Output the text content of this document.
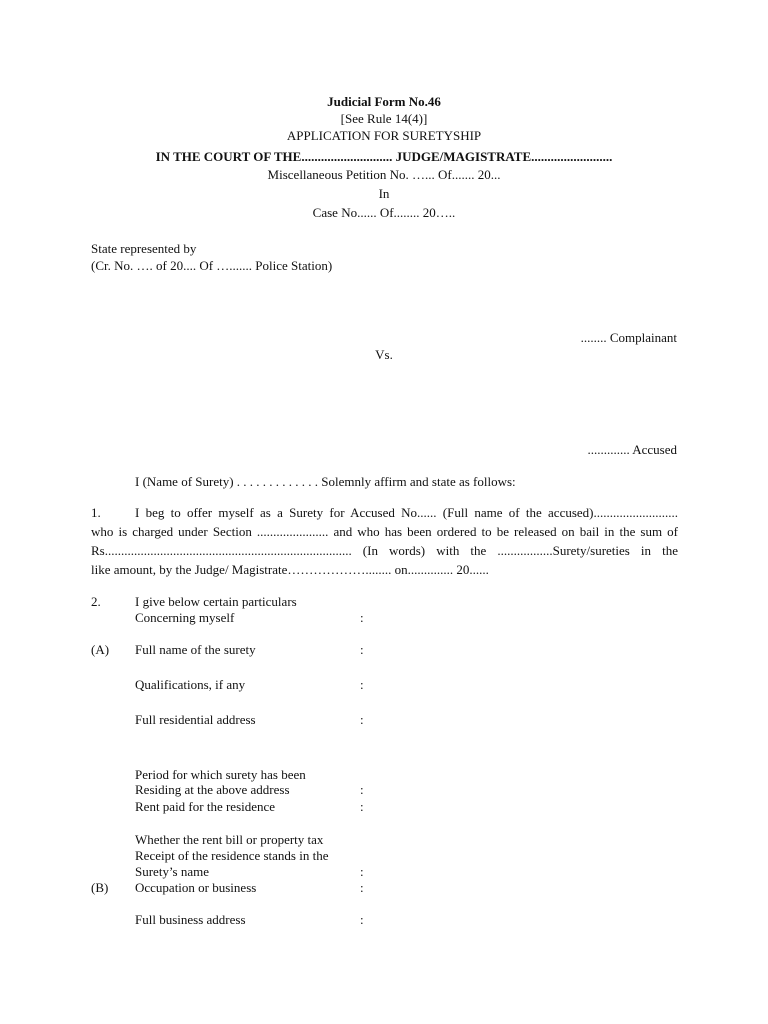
Judicial Form No.46
[See Rule 14(4)]
APPLICATION FOR SURETYSHIP
IN THE COURT OF THE............................ JUDGE/MAGISTRATE.........................
Miscellaneous Petition No. …... Of....... 20...
In
Case No...... Of........ 20…..
State represented by
(Cr. No. …. of 20.... Of …....... Police Station)
........ Complainant
Vs.
............. Accused
I (Name of Surety) . . . . . . . . . . . . . Solemnly affirm and state as follows:
1.	I beg to offer myself as a Surety for Accused No...... (Full name of the accused)..........................
who is charged under Section ...................... and who has been ordered to be released on bail in the sum of
Rs............................................................................ (In words) with the .................Surety/sureties in the
like amount, by the Judge/ Magistrate………………........ on.............. 20......
2.	I give below certain particulars
Concerning myself	:
(A) Full name of the surety	:
Qualifications, if any	:
Full residential address	:
Period for which surety has been
Residing at the above address	:
Rent paid for the residence	:
Whether the rent bill or property tax
Receipt of the residence stands in the
Surety’s name	:
(B) Occupation or business	:
Full business address	:
